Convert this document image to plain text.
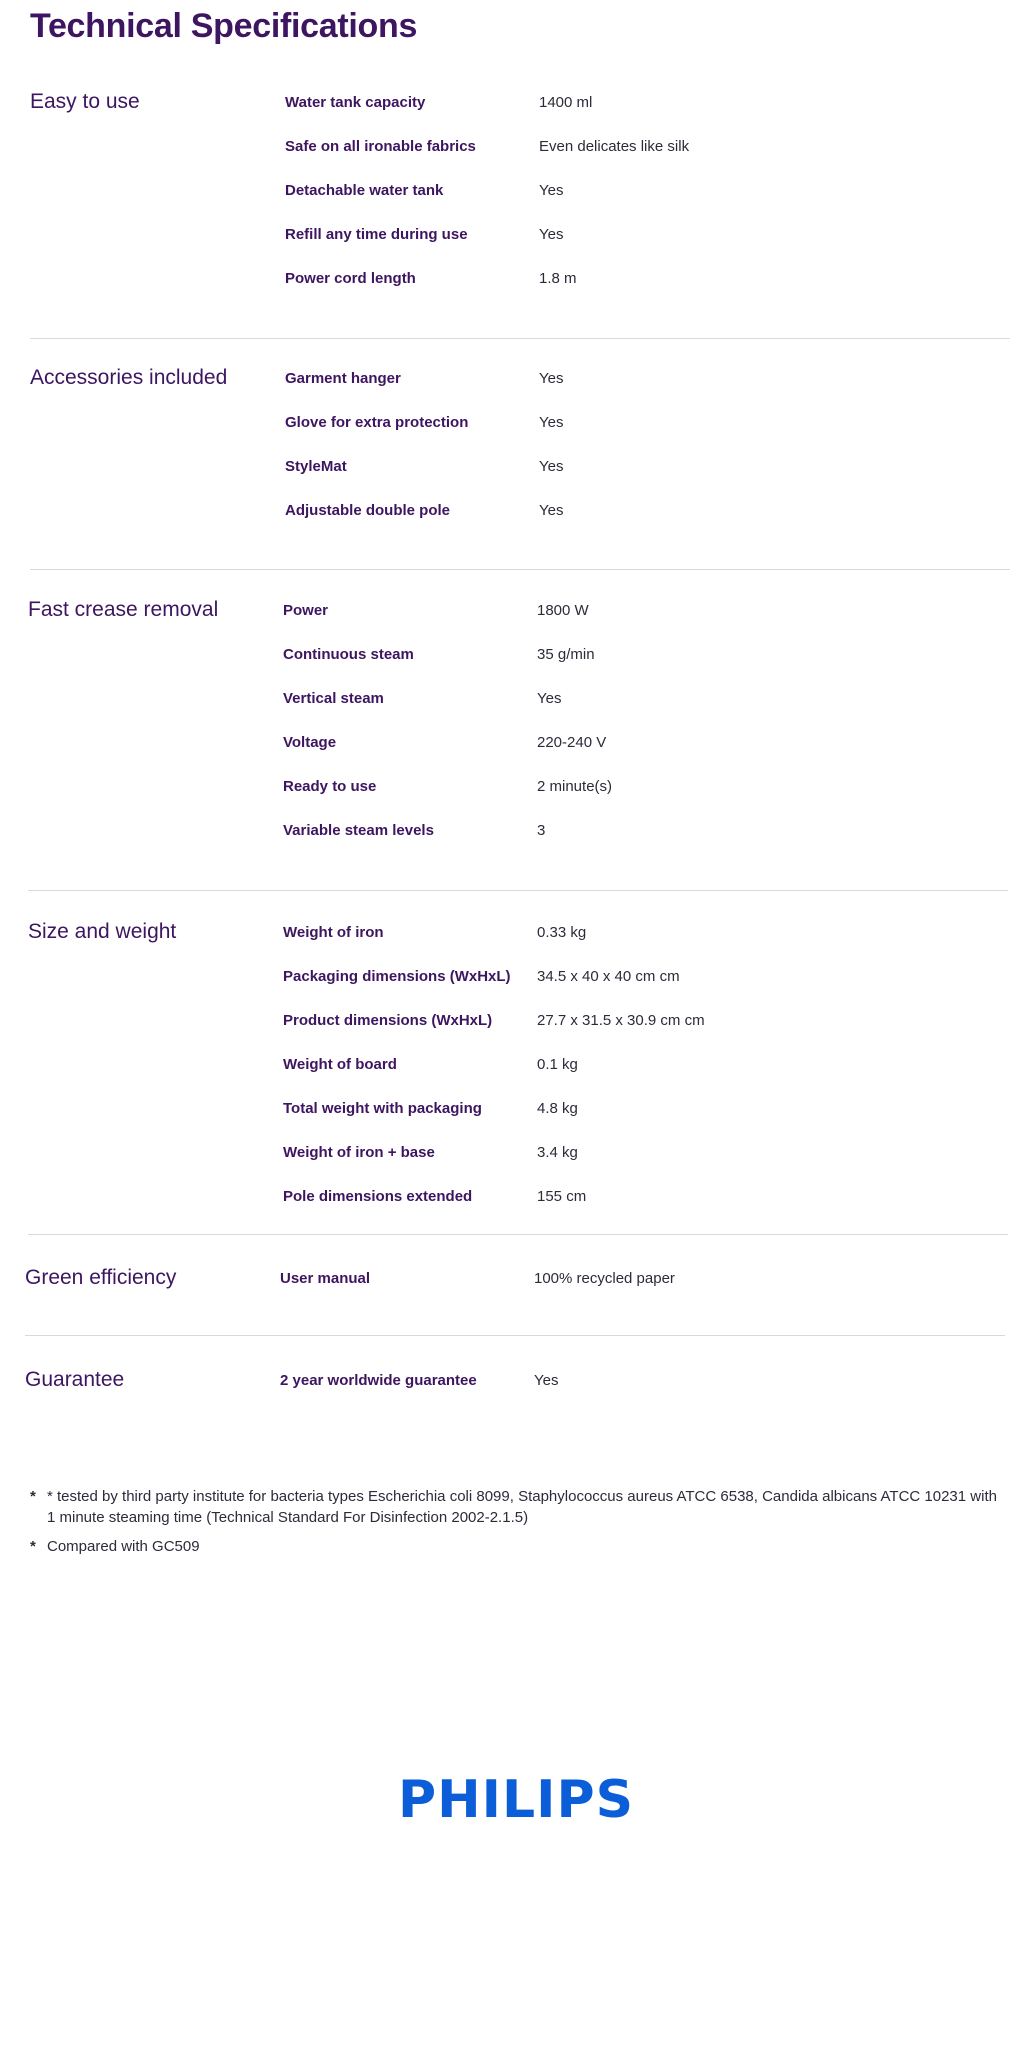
Technical Specifications
Easy to use	Water tank capacity	1400 ml
Safe on all ironable fabrics	Even delicates like silk
Detachable water tank	Yes
Refill any time during use	Yes
Power cord length	1.8 m
Accessories included	Garment hanger	Yes
Glove for extra protection	Yes
StyleMat	Yes
Adjustable double pole	Yes
Fast crease removal	Power	1800 W
Continuous steam	35 g/min
Vertical steam	Yes
Voltage	220-240 V
Ready to use	2 minute(s)
Variable steam levels	3
Size and weight	Weight of iron	0.33 kg
Packaging dimensions (WxHxL) 34.5 x 40 x 40 cm cm
Product dimensions (WxHxL)	27.7 x 31.5 x 30.9 cm cm
Weight of board	0.1 kg
Total weight with packaging	4.8 kg
Weight of iron + base	3.4 kg
Pole dimensions extended	155 cm
Green efficiency	User manual	100% recycled paper
Guarantee	2 year worldwide guarantee	Yes
* * tested by third party institute for bacteria types Escherichia coli 8099, Staphylococcus aureus ATCC 6538, Candida albicans ATCC 10231 with 1 minute steaming time (Technical Standard For Disinfection 2002-2.1.5)
* Compared with GC509
PHILIPS
